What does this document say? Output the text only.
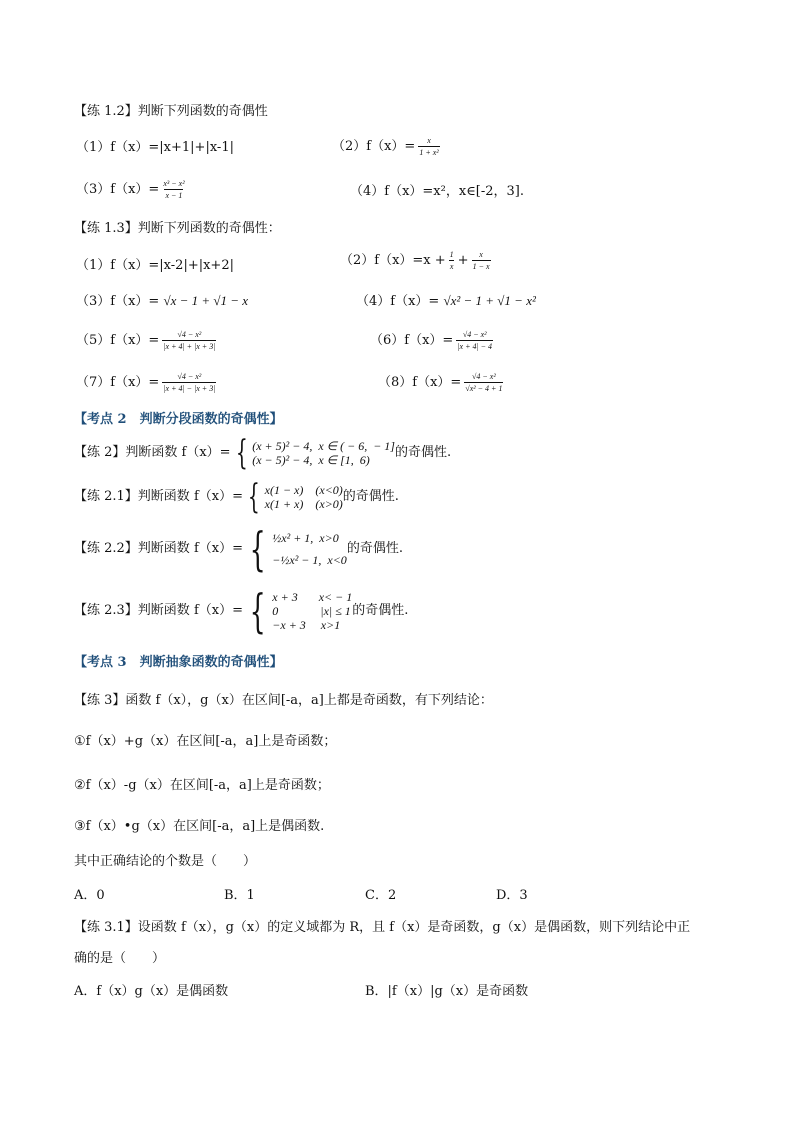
【练 1.2】判断下列函数的奇偶性
（1）f（x）=|x+1|+|x-1|	$(2)f(x)= \frac{x}{\text{1 + x²}}$
$(3)f(x)= \frac{\text{x³ − x²}}{x - 1}$	（4）f（x）=x²，x∈[-2，3].
【练 1.3】判断下列函数的奇偶性：
（1）f（x）=|x-2|+|x+2|	$(2)f(x)=x + \frac{1}{x} + \frac{x}{1 - x}$
（3）f（x）= √x − 1 + √1 − x	（4）f（x）= √x² − 1 + √1 − x²
$(5)f(x)= \frac{\text{√4 − x²}}{|x + 4| + |x + 3|}$	$(6)f(x)= \frac{\text{√4 − x²}}{|x + 4| - 4}$
$(7)f(x)= \frac{\text{√4 − x²}}{|x + 4| - |x + 3|}$	$(8)f(x)= \frac{\text{√4 − x²}}{\text{√x² − 4 + 1}}$
【考点 2　判断分段函数的奇偶性】
【练 2】判断函数 f（x）= { (x + 5)² − 4,  x ∈ ( − 6,  − 1]
(x − 5)² − 4,  x ∈ [1,  6)	的奇偶性.
【练 2.1】判断函数 f（x）= { x(1 − x)    (x<0)
x(1 + x)    (x>0) 的奇偶性.
【练 2.2】判断函数 f（x）= { ½x² + 1,  x>0
−½x² − 1,  x<0
的奇偶性.
【练 2.3】判断函数 f（x）= { x + 3       x< − 1
0              |x| ≤ 1
−x + 3     x>1
的奇偶性.
【考点 3　判断抽象函数的奇偶性】
【练 3】函数 f（x），g（x）在区间[-a，a]上都是奇函数，有下列结论：
①f（x）+g（x）在区间[-a，a]上是奇函数；
②f（x）-g（x）在区间[-a，a]上是奇函数；
③f（x）•g（x）在区间[-a，a]上是偶函数.
其中正确结论的个数是（　　）
A．0	B．1	C．2	D．3
【练 3.1】设函数 f（x），g（x）的定义域都为 R，且 f（x）是奇函数，g（x）是偶函数，则下列结论中正
确的是（　　）
A．f（x）g（x）是偶函数	B．|f（x）|g（x）是奇函数
